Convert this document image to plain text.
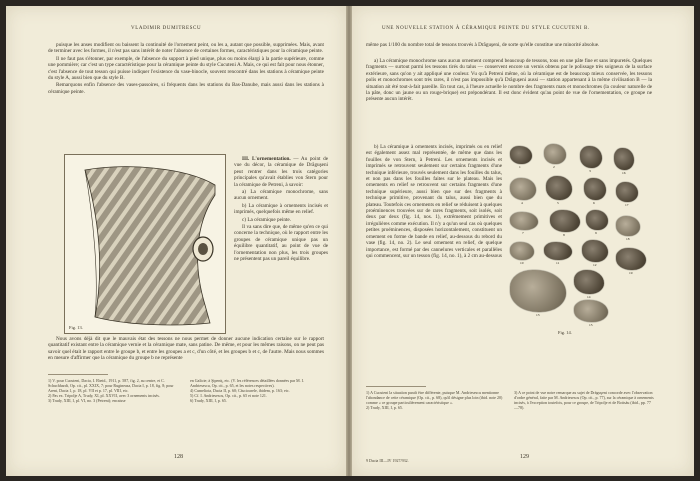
VLADIMIR DUMITRESCU

puisque les anses modifient ou baissent la continuité de l'ornement peint, ou les a, autant que possible, supprimées. Mais, avant de terminer avec les formes, il n'est pas sans intérêt de noter l'absence de certaines formes, caractéristiques pour la céramique peinte.

Il ne faut pas s'étonner, par exemple, de l'absence du support à pied unique, plus ou moins élargi à la partie supérieure, comme une pommière; car c'est un type caractéristique pour la céramique peinte du style Cucuteni A. Mais, ce qui est fait pour nous étonner, c'est l'absence de tout tesson qui puisse indiquer l'existence du vase-binocle, souvent rencontré dans les stations à céramique peinte du style A, aussi bien que du style B.

Remarquons enfin l'absence des vases-passoires, si fréquents dans les stations du Bas-Danube, mais aussi dans les stations à céramique peinte.

Fig. 13.

III. L'ornementation. — Au point de vue du décor, la céramique de Drăguşeni peut rentrer dans les trois catégories principales qu'avait établies von Stern pour la céramique de Petreni, à savoir:

a) La céramique monochrome, sans aucun ornement.

b) La céramique à ornements incisés et imprimés, quelquefois même en relief.

c) La céramique peinte.

Il va sans dire que, de même qu'en ce qui concerne la technique, où le rapport entre les groupes de céramique unique pas un équilibre quantitatif, au point de vue de l'ornementation non plus, les trois groupes ne présentent pas un pareil équilibre.

Nous avons déjà dit que le mauvais état des tessons ne nous permet de donner aucune indication certaine sur le rapport quantitatif existant entre la céramique vernie et la céramique mate, sans patine. De même, et pour les mêmes raisons, on ne peut pas savoir quel était le rapport entre le groupe b, et entre les groupes a et c, d'un côté, et les groupes b et c, de l'autre. Mais nous sommes en mesure d'affirmer que la céramique du groupe b ne représente

1) V. pour Cucuteni, Dacia, I. Ebeid., 1911, p. 587, fig. 2, au centre, et C. Schuchhardt, Op. cit., pl. XXIX, 7; pour Rugineasa, Dacia I, p. 18, fig. 8; pour Areni, Dacia 1, p. 18, pl. VII et p. 17, pl. VIII, etc.
2) Pas ex. Tripolje A, Trudy, XI, pl. XXVII, avec 3 ornements incisés.
3) Trudy, XIII, I, pl. VI, no. 3 (Petreni); encaisse
en Galicie; à Şipeniţ, etc. (V. les références détaillées données par M. I. Andriesescu, Op. cit., p. 65, et les notes respectives).
4) Cumeliota, Dacia II, p. 60; Căscioarele, ibidem, p. 163; etc.
5) Cf. I. Andriesescu, Op. cit., p. 65 et note 121.
6) Trudy, XIII, I, p. 65.
128
UNE NOUVELLE STATION À CÉRAMIQUE PEINTE DU STYLE CUCUTENI B.

même pas 1/100 du nombre total de tessons trouvés à Drăguşeni, de sorte qu'elle constitue une minorité absolue.

a) La céramique monochrome sans aucun ornement comprend beaucoup de tessons, tous en une pâte fine et sans impuretés. Quelques fragments — surtout parmi les tessons tirés du talus — conservent encore un vernis obtenu par le polissage très soigneux de la surface extérieure, sans qu'on y ait appliqué une couleur. Vu qu'à Petreni même, où la céramique est de beaucoup mieux conservée, les tessons polis et monochromes sont très rares, il n'est pas impossible qu'à Drăguşeni aussi — station appartenant à la même civilisation B — la situation ait été tout-à-fait pareille. En tout cas, à l'heure actuelle le nombre des fragments mats et monochromes (la couleur naturelle de la pâte, donc un jaune ou un rouge-brique) est prépondérant. Il est donc évident qu'au point de vue de l'ornementation, ce groupe ne présente aucun intérêt.

b) La céramique à ornements incisés, imprimés ou en relief est également assez mal représentée, de même que dans les fouilles de von Stern, à Petreni. Les ornements incisés et imprimés se retrouvent seulement sur certains fragments d'une technique inférieure, trouvés seulement dans les fouilles du talus, et non pas dans les fouilles faites sur le plateau. Mais les ornements en relief se retrouvent sur certains fragments d'une technique supérieure, aussi bien que sur des fragments à technique primitive, provenant du talus, aussi bien que du plateau. Toutefois ces ornements en relief se réduisent à quelques proéminences trouvées sur de rares fragments, soit isolés, soit deux par deux (fig. 14, nos. 1), extrêmement primitives et irrégulières comme exécution. Il n'y a qu'un seul cas où quelques petites proéminences, disposées horizontalement, constituent un ornement en forme de bande en relief, au-dessous du rebord du vase (fig. 14, no. 2). Le seul ornement en relief, de quelque importance, est formé par des cannelures verticales et parallèles qui commencent, sur un tesson (fig. 14, no. 1), à 2 cm au-dessous

Fig. 14.
1	2
3
4	5	6
7	8	9
10	11	12
13
14
15
16
17
18
19
1) A Cucuteni la situation paraît être différente, puisque M. Andriesescu mentionne l'abondance de cette céramique (Op. cit., p. 68), qu'il désigne plus loin (ibid. note 20) comme « ce groupe particulièrement caractéristique ».
2) Trudy, XIII, I, p. 65.
3) A ce point de vue notre remarque au sujet de Drăguşeni concorde avec l'observation d'ordre général, faite par M. Andriesescu (Op. cit., p. 77), sur la céramique à ornements incisés, à l'exception toutefois, pour ce groupe, de Tripolje et de Bottsău (ibid., pp. 77—78).
9 Dacia III—IV 1927/932.
129
